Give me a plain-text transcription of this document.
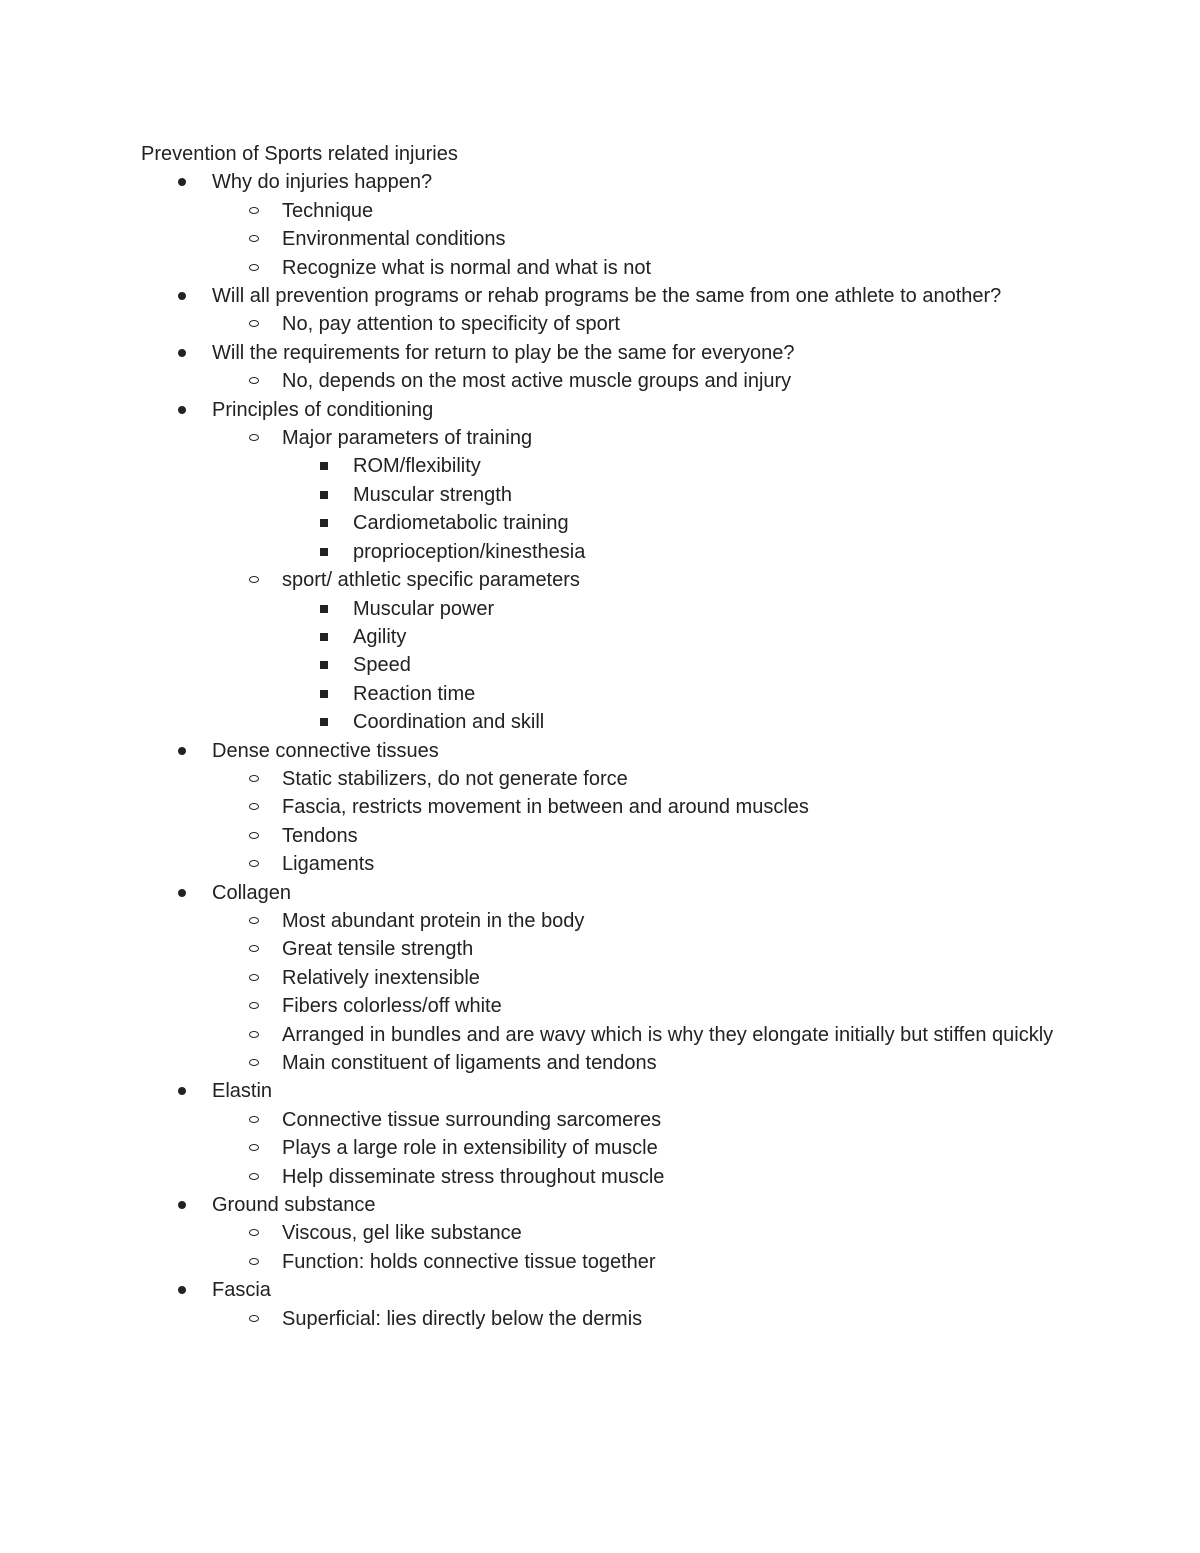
Prevention of Sports related injuries

Why do injuries happen?
Technique
Environmental conditions
Recognize what is normal and what is not
Will all prevention programs or rehab programs be the same from one athlete to another?
No, pay attention to specificity of sport
Will the requirements for return to play be the same for everyone?
No, depends on the most active muscle groups and injury
Principles of conditioning
Major parameters of training
ROM/flexibility
Muscular strength
Cardiometabolic training
proprioception/kinesthesia
sport/ athletic specific parameters
Muscular power
Agility
Speed
Reaction time
Coordination and skill
Dense connective tissues
Static stabilizers, do not generate force
Fascia, restricts movement in between and around muscles
Tendons
Ligaments
Collagen
Most abundant protein in the body
Great tensile strength
Relatively inextensible
Fibers colorless/off white
Arranged in bundles and are wavy which is why they elongate initially but stiffen quickly
Main constituent of ligaments and tendons
Elastin
Connective tissue surrounding sarcomeres
Plays a large role in extensibility of muscle
Help disseminate stress throughout muscle
Ground substance
Viscous, gel like substance
Function: holds connective tissue together
Fascia
Superficial: lies directly below the dermis
